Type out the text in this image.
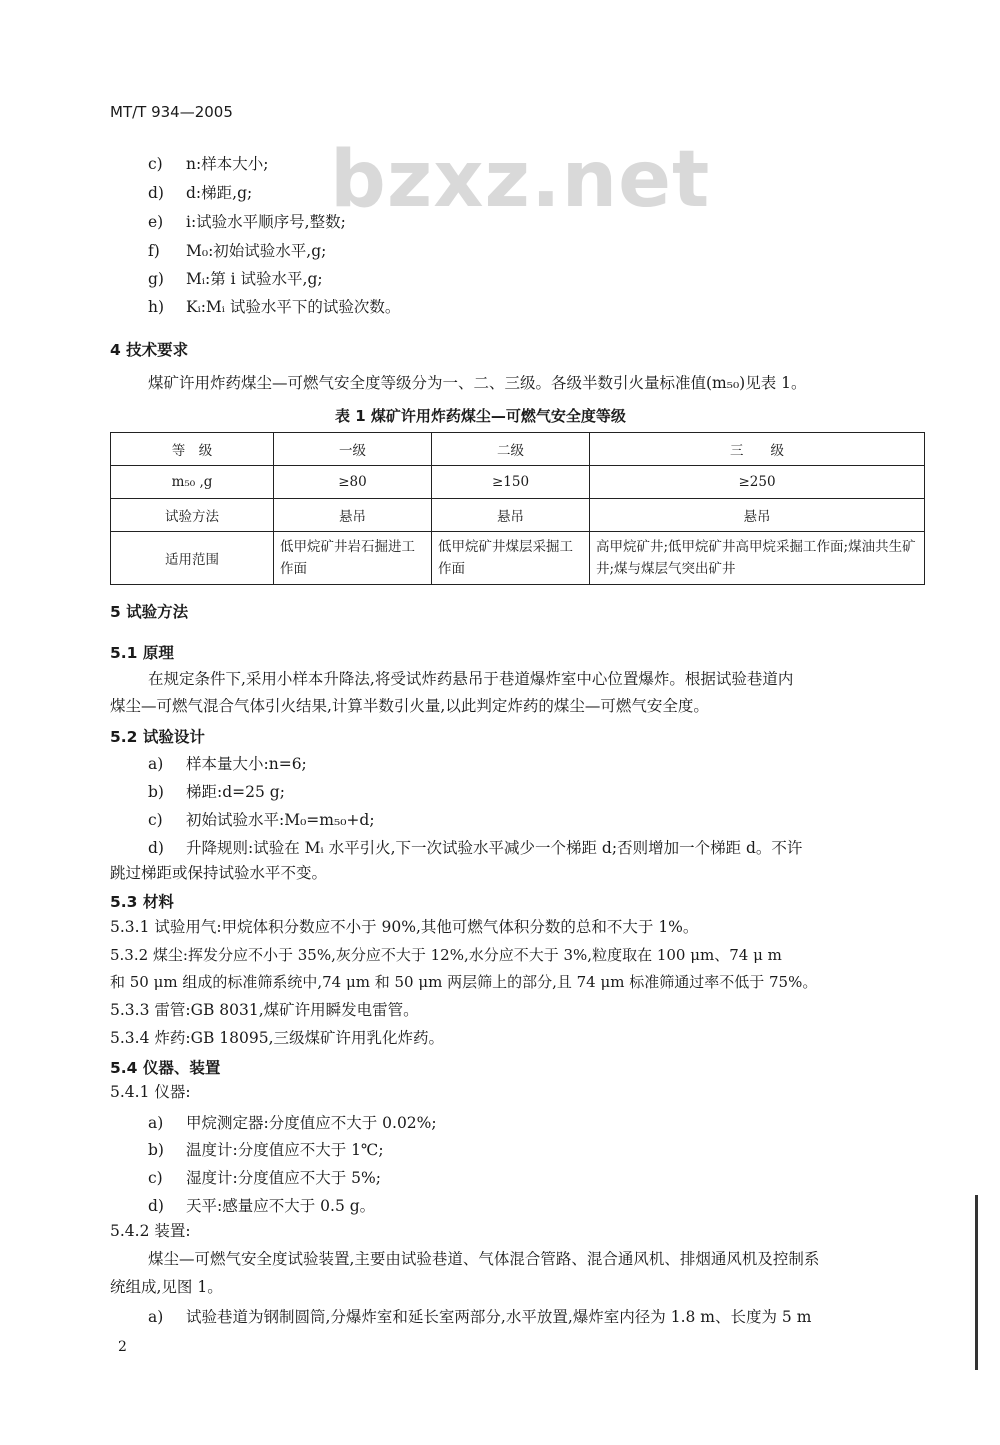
bzxz.net
MT/T 934—2005
c) n:样本大小;
d) d:梯距,g;
e) i:试验水平顺序号,整数;
f) M₀:初始试验水平,g;
g) Mᵢ:第 i 试验水平,g;
h) Kᵢ:Mᵢ 试验水平下的试验次数。
4 技术要求
煤矿许用炸药煤尘—可燃气安全度等级分为一、二、三级。各级半数引火量标准值(m₅₀)见表 1。
表 1 煤矿许用炸药煤尘—可燃气安全度等级
等　级	一级	二级	三　　级
m₅₀ ,g	≥80	≥150	≥250
试验方法	悬吊	悬吊	悬吊
适用范围	低甲烷矿井岩石掘进工作面	低甲烷矿井煤层采掘工作面	高甲烷矿井;低甲烷矿井高甲烷采掘工作面;煤油共生矿井;煤与煤层气突出矿井
5 试验方法
5.1 原理
在规定条件下,采用小样本升降法,将受试炸药悬吊于巷道爆炸室中心位置爆炸。根据试验巷道内
煤尘—可燃气混合气体引火结果,计算半数引火量,以此判定炸药的煤尘—可燃气安全度。
5.2 试验设计
a) 样本量大小:n=6;
b) 梯距:d=25 g;
c) 初始试验水平:M₀=m₅₀+d;
d) 升降规则:试验在 Mᵢ 水平引火,下一次试验水平减少一个梯距 d;否则增加一个梯距 d。不许
跳过梯距或保持试验水平不变。
5.3 材料
5.3.1 试验用气:甲烷体积分数应不小于 90%,其他可燃气体积分数的总和不大于 1%。
5.3.2 煤尘:挥发分应不小于 35%,灰分应不大于 12%,水分应不大于 3%,粒度取在 100 μm、74 μ m
和 50 μm 组成的标准筛系统中,74 μm 和 50 μm 两层筛上的部分,且 74 μm 标准筛通过率不低于 75%。
5.3.3 雷管:GB 8031,煤矿许用瞬发电雷管。
5.3.4 炸药:GB 18095,三级煤矿许用乳化炸药。
5.4 仪器、装置
5.4.1 仪器:
a) 甲烷测定器:分度值应不大于 0.02%;
b) 温度计:分度值应不大于 1℃;
c) 湿度计:分度值应不大于 5%;
d) 天平:感量应不大于 0.5 g。
5.4.2 装置:
煤尘—可燃气安全度试验装置,主要由试验巷道、气体混合管路、混合通风机、排烟通风机及控制系
统组成,见图 1。
a) 试验巷道为钢制圆筒,分爆炸室和延长室两部分,水平放置,爆炸室内径为 1.8 m、长度为 5 m
2
